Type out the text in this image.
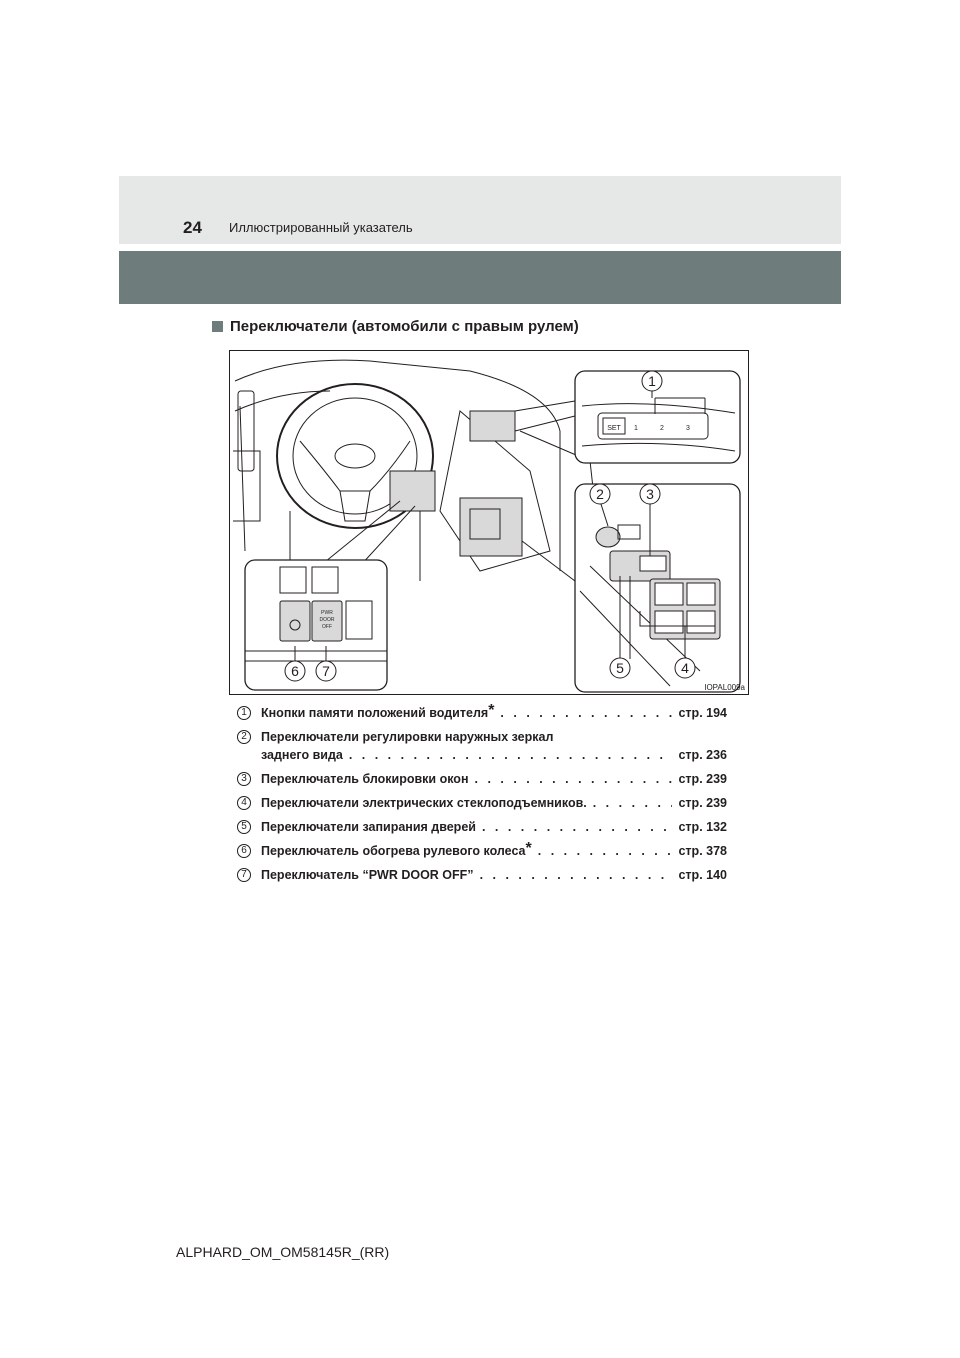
24 Иллюстрированный указатель
Переключатели (автомобили с правым рулем)
1
2	3
4
5
6 7
SET 1	2	3
PWR
DOOR
OFF
IOPAL009a
1	Кнопки памяти положений водителя* . . .	стр. 194
2	Переключатели регулировки наружных зеркал
заднего вида . . .	стр. 236
3	Переключатель блокировки окон . . .	стр. 239
4	Переключатели электрических стеклоподъемников. . . .	стр. 239
5	Переключатели запирания дверей . . .	стр. 132
6	Переключатель обогрева рулевого колеса* . . .	стр. 378
7	Переключатель “PWR DOOR OFF” . . .	стр. 140
ALPHARD_OM_OM58145R_(RR)
